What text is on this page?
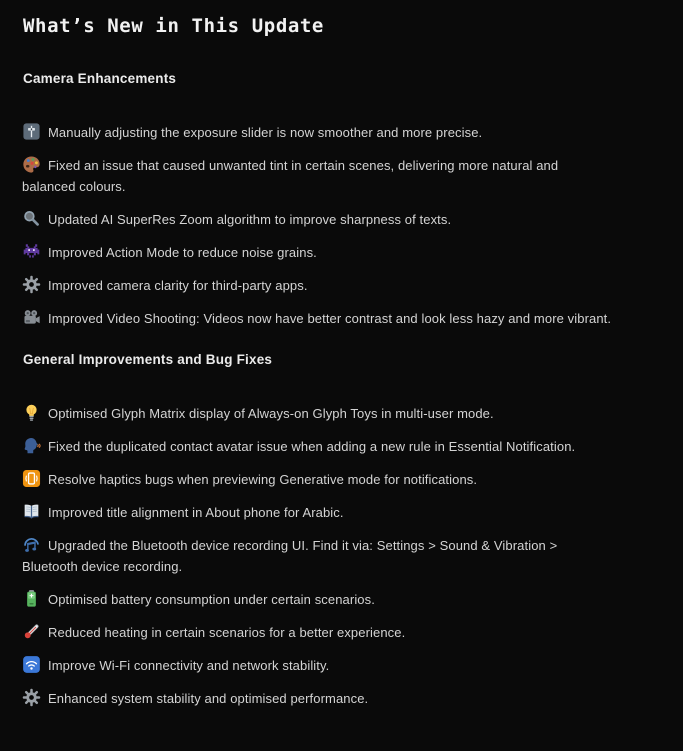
What’s New in This Update
Camera Enhancements

Manually adjusting the exposure slider is now smoother and more precise.

Fixed an issue that caused unwanted tint in certain scenes, delivering more natural and balanced colours.

Updated AI SuperRes Zoom algorithm to improve sharpness of texts.

Improved Action Mode to reduce noise grains.

Improved camera clarity for third-party apps.

Improved Video Shooting: Videos now have better contrast and look less hazy and more vibrant.

General Improvements and Bug Fixes

Optimised Glyph Matrix display of Always-on Glyph Toys in multi-user mode.

Fixed the duplicated contact avatar issue when adding a new rule in Essential Notification.

Resolve haptics bugs when previewing Generative mode for notifications.

Improved title alignment in About phone for Arabic.

Upgraded the Bluetooth device recording UI. Find it via: Settings > Sound & Vibration > Bluetooth device recording.

Optimised battery consumption under certain scenarios.

Reduced heating in certain scenarios for a better experience.

Improve Wi-Fi connectivity and network stability.

Enhanced system stability and optimised performance.
